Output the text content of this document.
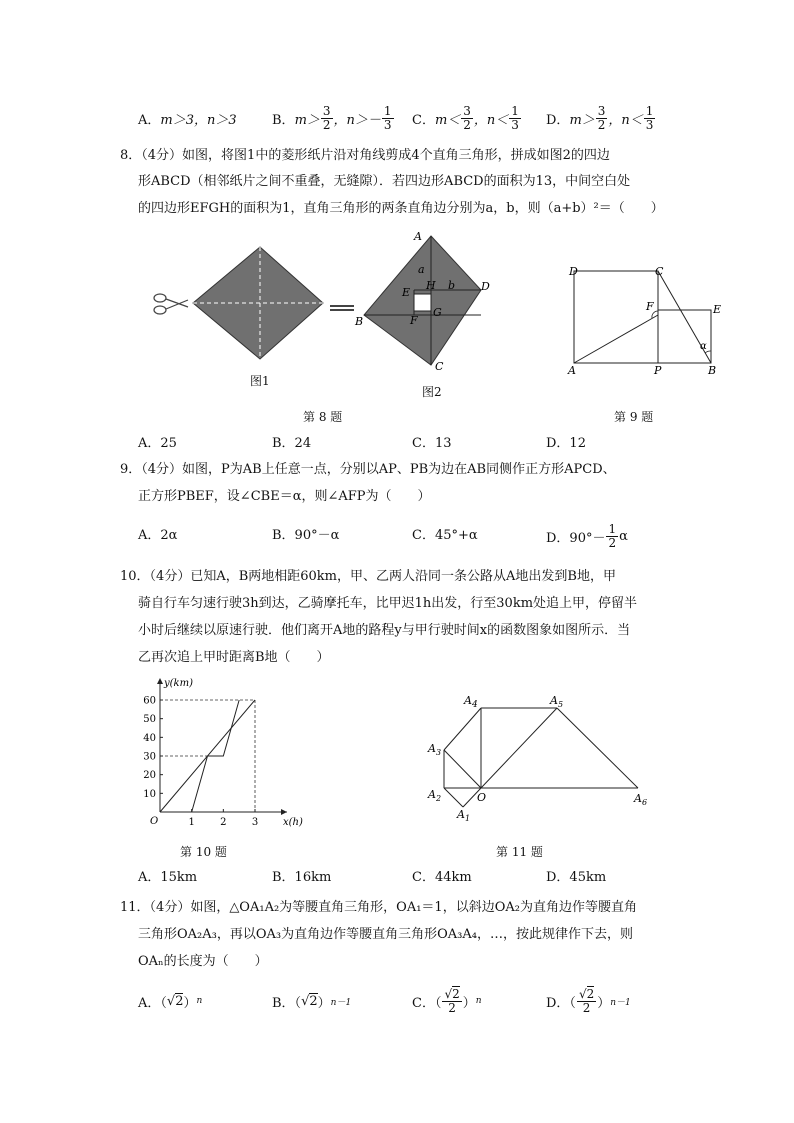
A． m＞3，n＞3	B． $m> \frac{3}{2}$ ，$n>- \frac{1}{3}$ C． $m< \frac{3}{2}$ ，$n< \frac{1}{3}$ D． $m> \frac{3}{2}$ ，$n< \frac{1}{3}$
8．（4分）如图，将图1中的菱形纸片沿对角线剪成4个直角三角形，拼成如图2的四边
形ABCD（相邻纸片之间不重叠，无缝隙）．若四边形ABCD的面积为13，中间空白处
的四边形EFGH的面积为1，直角三角形的两条直角边分别为a，b，则（a+b）²＝（　　）
图1
A
D
B
C
E
H
F
G
a
b
图2
D	C
F	E
A	P	B
α
第 8 题	第 9 题
A．25	B．24	C．13	D．12
9．（4分）如图，P为AB上任意一点，分别以AP、PB为边在AB同侧作正方形APCD、
正方形PBEF，设∠CBE＝α，则∠AFP为（　　）
A．2α	B．90°－α	C．45°+α	D．$90^\circ- \frac{1}{2}$ α
10．（4分）已知A，B两地相距60km，甲、乙两人沿同一条公路从A地出发到B地，甲
骑自行车匀速行驶3h到达，乙骑摩托车，比甲迟1h出发，行至30km处追上甲，停留半
小时后继续以原速行驶．他们离开A地的路程y与甲行驶时间x的函数图象如图所示．当
乙再次追上甲时距离B地（　　）
10
20
30
40
50
60
1	2	3
O	x(h)
y(km)
$A_4$	$A_5$
$A_3$
$A_2$	O
$A_1$
$A_6$
第 10 题	第 11 题
A．15km	B．16km	C．44km	D．45km
11．（4分）如图，△OA₁A₂为等腰直角三角形，OA₁＝1，以斜边OA₂为直角边作等腰直角
三角形OA₂A₃，再以OA₃为直角边作等腰直角三角形OA₃A₄，…，按此规律作下去，则
OAₙ的长度为（　　）
A．（ √2 ） n	B．（ √2 ） n－1	C．（ $\frac{√2}{2}$ ） n	D．（ $\frac{√2}{2}$ ） n－1
